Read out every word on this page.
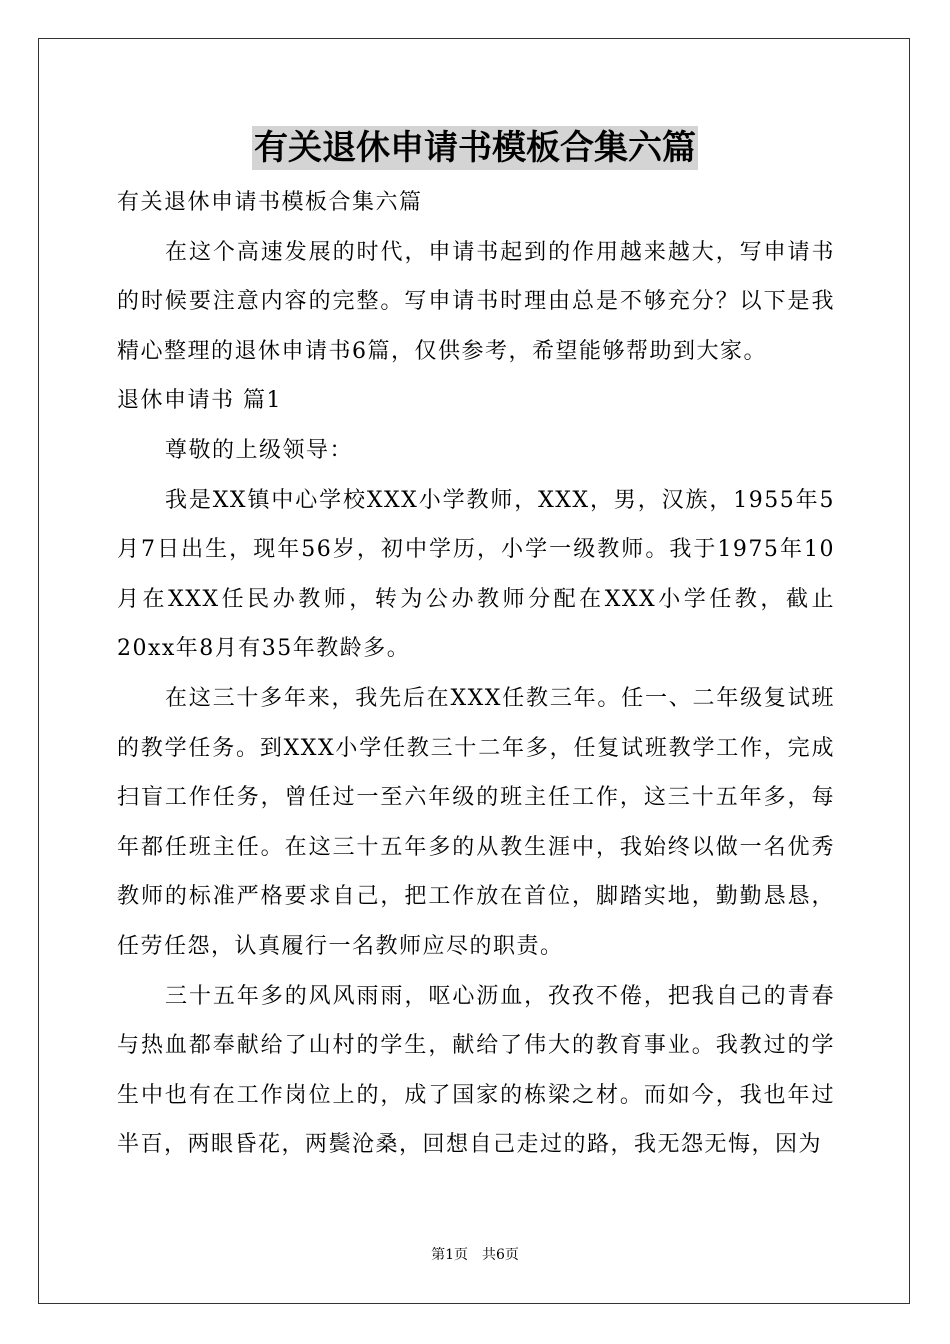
有关退休申请书模板合集六篇

有关退休申请书模板合集六篇

在这个高速发展的时代，申请书起到的作用越来越大，写申请书的时候要注意内容的完整。写申请书时理由总是不够充分？以下是我精心整理的退休申请书6篇，仅供参考，希望能够帮助到大家。

退休申请书 篇1

尊敬的上级领导：

我是XX镇中心学校XXX小学教师，XXX，男，汉族，1955年5月7日出生，现年56岁，初中学历，小学一级教师。我于1975年10月在XXX任民办教师，转为公办教师分配在XXX小学任教，截止20xx年8月有35年教龄多。

在这三十多年来，我先后在XXX任教三年。任一、二年级复试班的教学任务。到XXX小学任教三十二年多，任复试班教学工作，完成扫盲工作任务，曾任过一至六年级的班主任工作，这三十五年多，每年都任班主任。在这三十五年多的从教生涯中，我始终以做一名优秀教师的标准严格要求自己，把工作放在首位，脚踏实地，勤勤恳恳，任劳任怨，认真履行一名教师应尽的职责。

三十五年多的风风雨雨，呕心沥血，孜孜不倦，把我自己的青春与热血都奉献给了山村的学生，献给了伟大的教育事业。我教过的学生中也有在工作岗位上的，成了国家的栋梁之材。而如今，我也年过半百，两眼昏花，两鬓沧桑，回想自己走过的路，我无怨无悔，因为

第1页　共6页
